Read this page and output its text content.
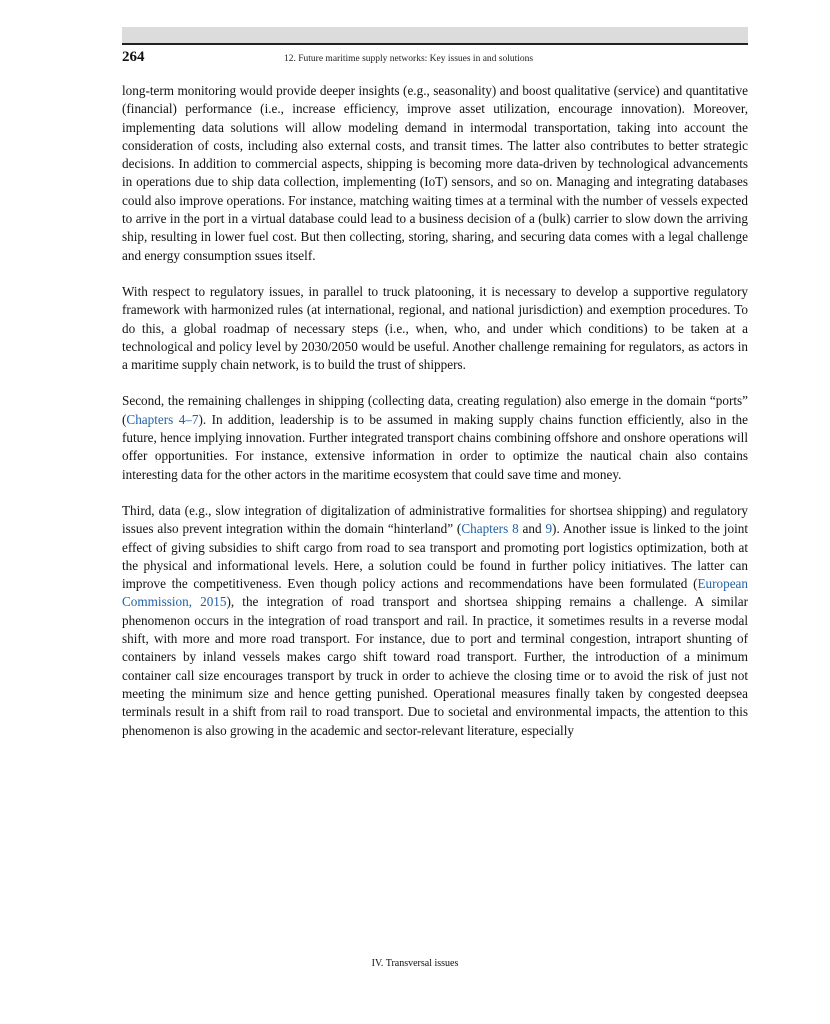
264	12. Future maritime supply networks: Key issues in and solutions

long-term monitoring would provide deeper insights (e.g., seasonality) and boost qualitative (service) and quantitative (financial) performance (i.e., increase efficiency, improve asset utilization, encourage innovation). Moreover, implementing data solutions will allow modeling demand in intermodal transportation, taking into account the consideration of costs, including also external costs, and transit times. The latter also contributes to better strategic decisions. In addition to commercial aspects, shipping is becoming more data-driven by technological advancements in operations due to ship data collection, implementing (IoT) sensors, and so on. Managing and integrating databases could also improve operations. For instance, matching waiting times at a terminal with the number of vessels expected to arrive in the port in a virtual database could lead to a business decision of a (bulk) carrier to slow down the arriving ship, resulting in lower fuel cost. But then collecting, storing, sharing, and securing data comes with a legal challenge and energy consumption ssues itself.

With respect to regulatory issues, in parallel to truck platooning, it is necessary to develop a supportive regulatory framework with harmonized rules (at international, regional, and national jurisdiction) and exemption procedures. To do this, a global roadmap of necessary steps (i.e., when, who, and under which conditions) to be taken at a technological and policy level by 2030/2050 would be useful. Another challenge remaining for regulators, as actors in a maritime supply chain network, is to build the trust of shippers.

Second, the remaining challenges in shipping (collecting data, creating regulation) also emerge in the domain “ports” (Chapters 4–7). In addition, leadership is to be assumed in making supply chains function efficiently, also in the future, hence implying innovation. Further integrated transport chains combining offshore and onshore operations will offer opportunities. For instance, extensive information in order to optimize the nautical chain also contains interesting data for the other actors in the maritime ecosystem that could save time and money.

Third, data (e.g., slow integration of digitalization of administrative formalities for shortsea shipping) and regulatory issues also prevent integration within the domain “hinterland” (Chapters 8 and 9). Another issue is linked to the joint effect of giving subsidies to shift cargo from road to sea transport and promoting port logistics optimization, both at the physical and informational levels. Here, a solution could be found in further policy initiatives. The latter can improve the competitiveness. Even though policy actions and recommendations have been formulated (European Commission, 2015), the integration of road transport and shortsea shipping remains a challenge. A similar phenomenon occurs in the integration of road transport and rail. In practice, it sometimes results in a reverse modal shift, with more and more road transport. For instance, due to port and terminal congestion, intraport shunting of containers by inland vessels makes cargo shift toward road transport. Further, the introduction of a minimum container call size encourages transport by truck in order to achieve the closing time or to avoid the risk of just not meeting the minimum size and hence getting punished. Operational measures finally taken by congested deepsea terminals result in a shift from rail to road transport. Due to societal and environmental impacts, the attention to this phenomenon is also growing in the academic and sector-relevant literature, especially

IV. Transversal issues
